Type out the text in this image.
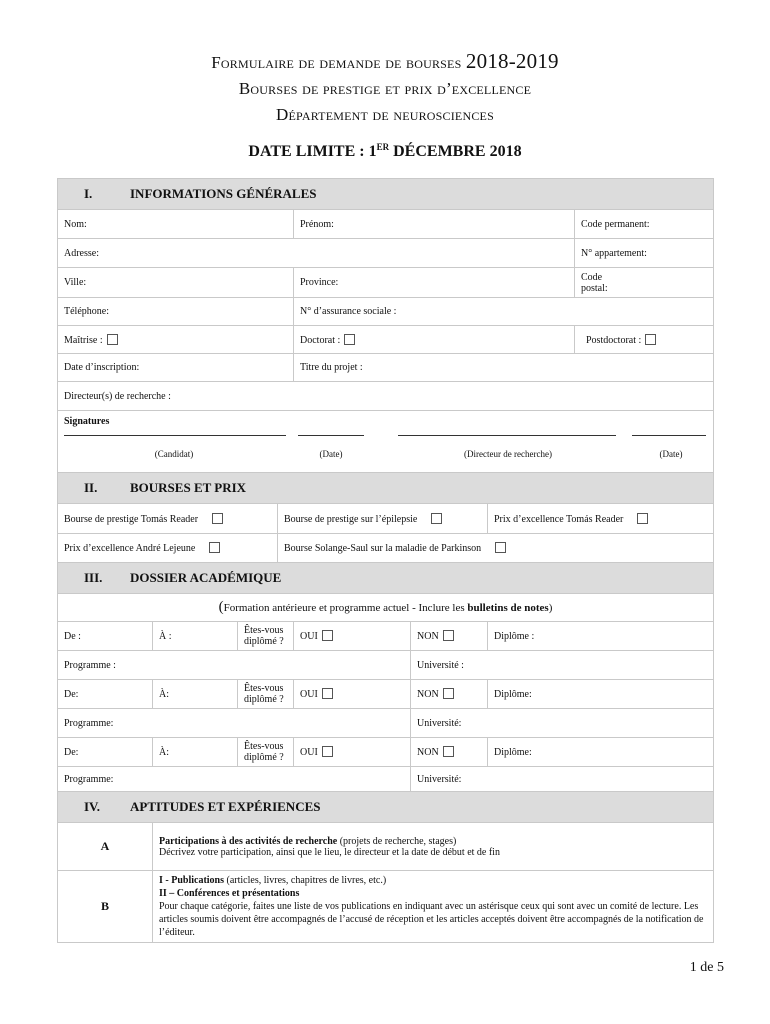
Formulaire de demande de bourses 2018-2019
Bourses de prestige et prix d’excellence
Département de neurosciences
DATE LIMITE : 1ER DÉCEMBRE 2018
I. INFORMATIONS GÉNÉRALES							
Nom:				Prénom:			Code permanent:
Adresse:							N° appartement:
Ville:				Province:			Code
postal:

Téléphone:				N° d’assurance sociale :			
Maîtrise :				Doctorat :			Postdoctorat :
Date d’inscription:				Titre du projet :			
Directeur(s) de recherche :							

Signatures
(Candidat) (Date) (Directeur de recherche) (Date)							

II. BOURSES ET PRIX							
Bourse de prestige Tomás Reader			Bourse de prestige sur l’épilepsie			Prix d’excellence Tomás Reader	
Prix d’excellence André Lejeune			Bourse Solange-Saul sur la maladie de Parkinson				
III. DOSSIER ACADÉMIQUE							
(Formation antérieure et programme actuel - Inclure les bulletins de notes)							
De :	À :	Êtes-vous
diplômé ?		OUI	NON	Diplôme :	
Programme :					Université :		
De:	À:	Êtes-vous
diplômé ?		OUI	NON	Diplôme:	
Programme:					Université:		
De:	À:	Êtes-vous
diplômé ?		OUI	NON	Diplôme:	
Programme:					Université:		
IV. APTITUDES ET EXPÉRIENCES							
A	Participations à des activités de recherche (projets de recherche, stages)
Décrivez votre participation, ainsi que le lieu, le directeur et la date de début et de fin						

B	I - Publications (articles, livres, chapitres de livres, etc.)
II – Conférences et présentations
Pour chaque catégorie, faites une liste de vos publications en indiquant avec un astérisque ceux qui sont avec un comité de lecture. Les articles soumis doivent être accompagnés de l’accusé de réception et les articles acceptés doivent être accompagnés de la notification de l’éditeur.						
1 de 5
